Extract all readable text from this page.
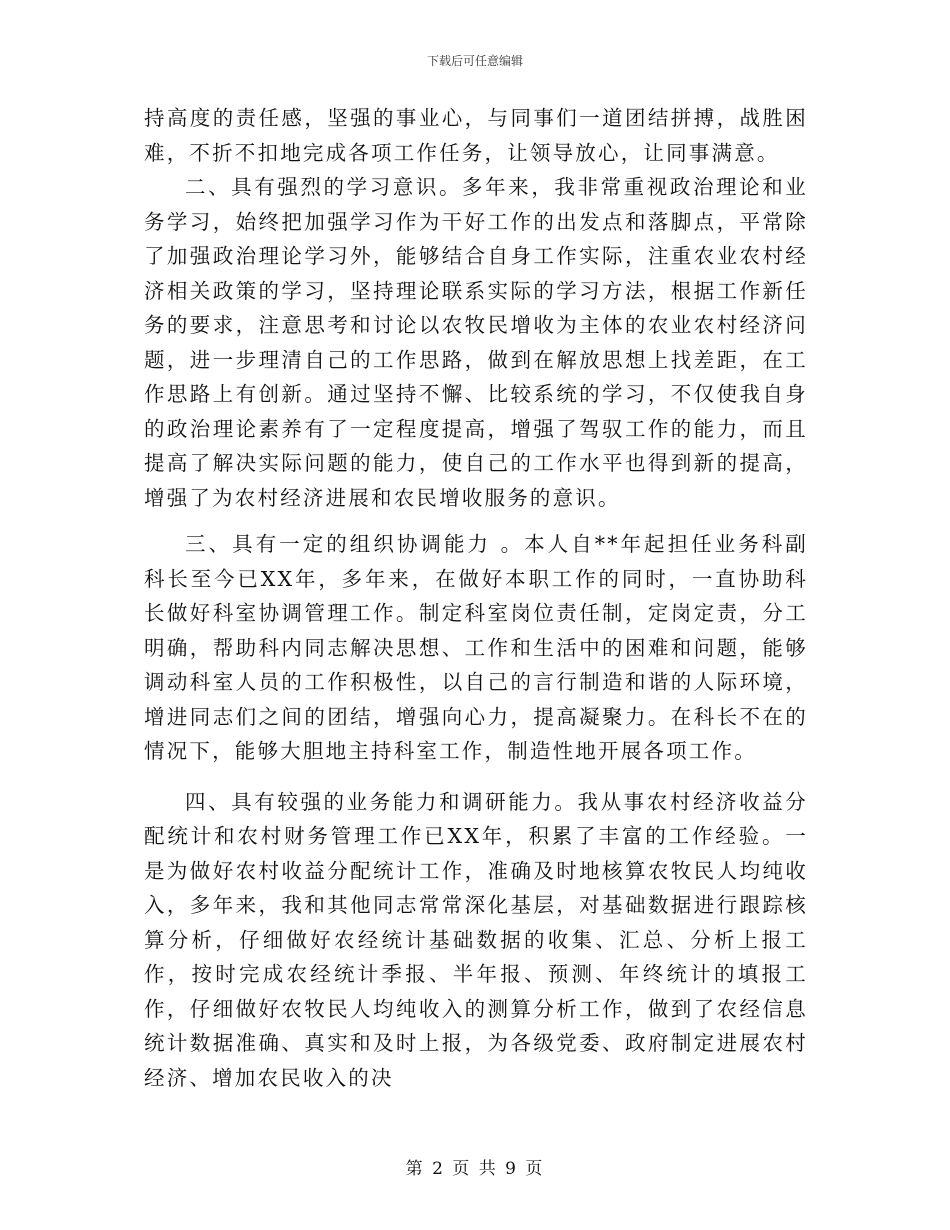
下载后可任意编辑

持高度的责任感，坚强的事业心，与同事们一道团结拼搏，战胜困难，不折不扣地完成各项工作任务，让领导放心，让同事满意。

二、具有强烈的学习意识。多年来，我非常重视政治理论和业务学习，始终把加强学习作为干好工作的出发点和落脚点，平常除了加强政治理论学习外，能够结合自身工作实际，注重农业农村经济相关政策的学习，坚持理论联系实际的学习方法，根据工作新任务的要求，注意思考和讨论以农牧民增收为主体的农业农村经济问题，进一步理清自己的工作思路，做到在解放思想上找差距，在工作思路上有创新。通过坚持不懈、比较系统的学习，不仅使我自身的政治理论素养有了一定程度提高，增强了驾驭工作的能力，而且提高了解决实际问题的能力，使自己的工作水平也得到新的提高，增强了为农村经济进展和农民增收服务的意识。

三、具有一定的组织协调能力 。本人自**年起担任业务科副科长至今已XX年，多年来，在做好本职工作的同时，一直协助科长做好科室协调管理工作。制定科室岗位责任制，定岗定责，分工明确，帮助科内同志解决思想、工作和生活中的困难和问题，能够调动科室人员的工作积极性，以自己的言行制造和谐的人际环境，增进同志们之间的团结，增强向心力，提高凝聚力。在科长不在的情况下，能够大胆地主持科室工作，制造性地开展各项工作。

四、具有较强的业务能力和调研能力。我从事农村经济收益分配统计和农村财务管理工作已XX年，积累了丰富的工作经验。一是为做好农村收益分配统计工作，准确及时地核算农牧民人均纯收入，多年来，我和其他同志常常深化基层，对基础数据进行跟踪核算分析，仔细做好农经统计基础数据的收集、汇总、分析上报工作，按时完成农经统计季报、半年报、预测、年终统计的填报工作，仔细做好农牧民人均纯收入的测算分析工作，做到了农经信息统计数据准确、真实和及时上报，为各级党委、政府制定进展农村经济、增加农民收入的决

第 2 页 共 9 页
